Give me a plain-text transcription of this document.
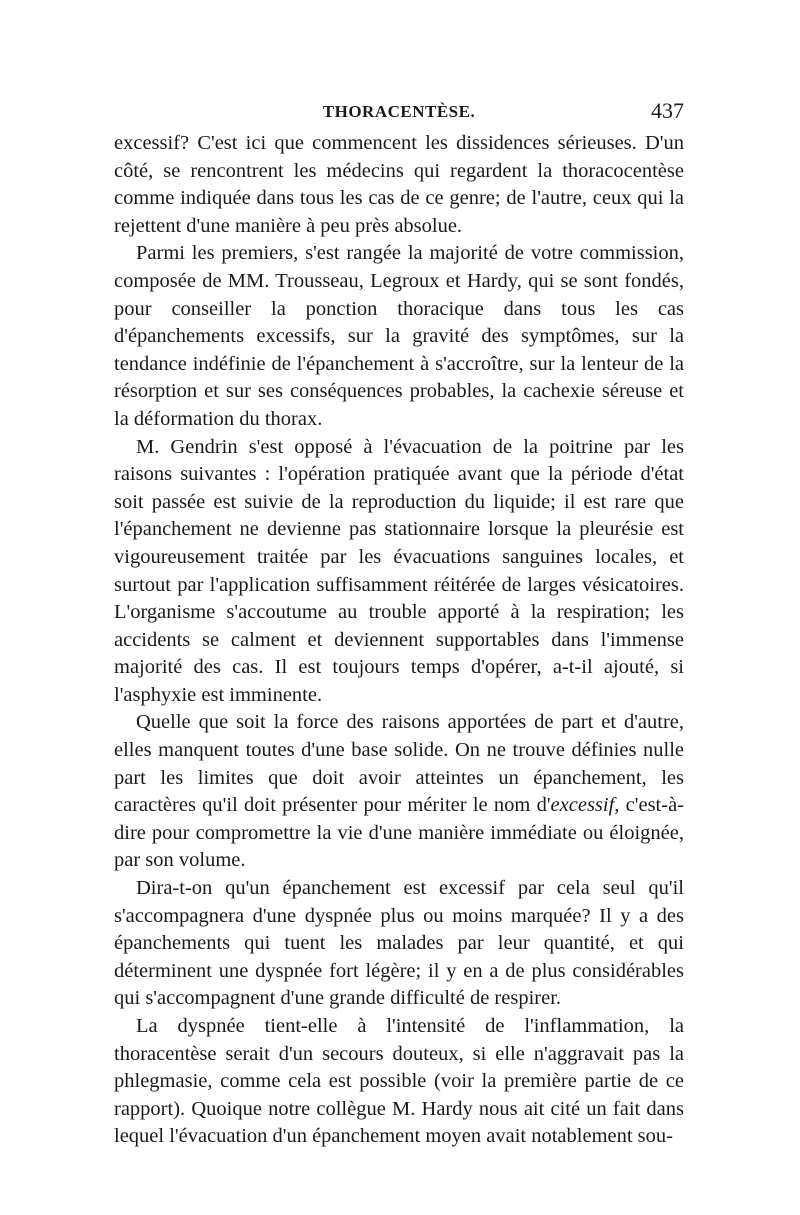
THORACENTÈSE.	437

excessif? C'est ici que commencent les dissidences sérieuses. D'un côté, se rencontrent les médecins qui regardent la thoracocentèse comme indiquée dans tous les cas de ce genre; de l'autre, ceux qui la rejettent d'une manière à peu près absolue.

Parmi les premiers, s'est rangée la majorité de votre commission, composée de MM. Trousseau, Legroux et Hardy, qui se sont fondés, pour conseiller la ponction thoracique dans tous les cas d'épanchements excessifs, sur la gravité des symptômes, sur la tendance indéfinie de l'épanchement à s'accroître, sur la lenteur de la résorption et sur ses conséquences probables, la cachexie séreuse et la déformation du thorax.

M. Gendrin s'est opposé à l'évacuation de la poitrine par les raisons suivantes : l'opération pratiquée avant que la période d'état soit passée est suivie de la reproduction du liquide; il est rare que l'épanchement ne devienne pas stationnaire lorsque la pleurésie est vigoureusement traitée par les évacuations sanguines locales, et surtout par l'application suffisamment réitérée de larges vésicatoires. L'organisme s'accoutume au trouble apporté à la respiration; les accidents se calment et deviennent supportables dans l'immense majorité des cas. Il est toujours temps d'opérer, a-t-il ajouté, si l'asphyxie est imminente.

Quelle que soit la force des raisons apportées de part et d'autre, elles manquent toutes d'une base solide. On ne trouve définies nulle part les limites que doit avoir atteintes un épanchement, les caractères qu'il doit présenter pour mériter le nom d'excessif, c'est-à-dire pour compromettre la vie d'une manière immédiate ou éloignée, par son volume.

Dira-t-on qu'un épanchement est excessif par cela seul qu'il s'accompagnera d'une dyspnée plus ou moins marquée? Il y a des épanchements qui tuent les malades par leur quantité, et qui déterminent une dyspnée fort légère; il y en a de plus considérables qui s'accompagnent d'une grande difficulté de respirer.

La dyspnée tient-elle à l'intensité de l'inflammation, la thoracentèse serait d'un secours douteux, si elle n'aggravait pas la phlegmasie, comme cela est possible (voir la première partie de ce rapport). Quoique notre collègue M. Hardy nous ait cité un fait dans lequel l'évacuation d'un épanchement moyen avait notablement sou-
